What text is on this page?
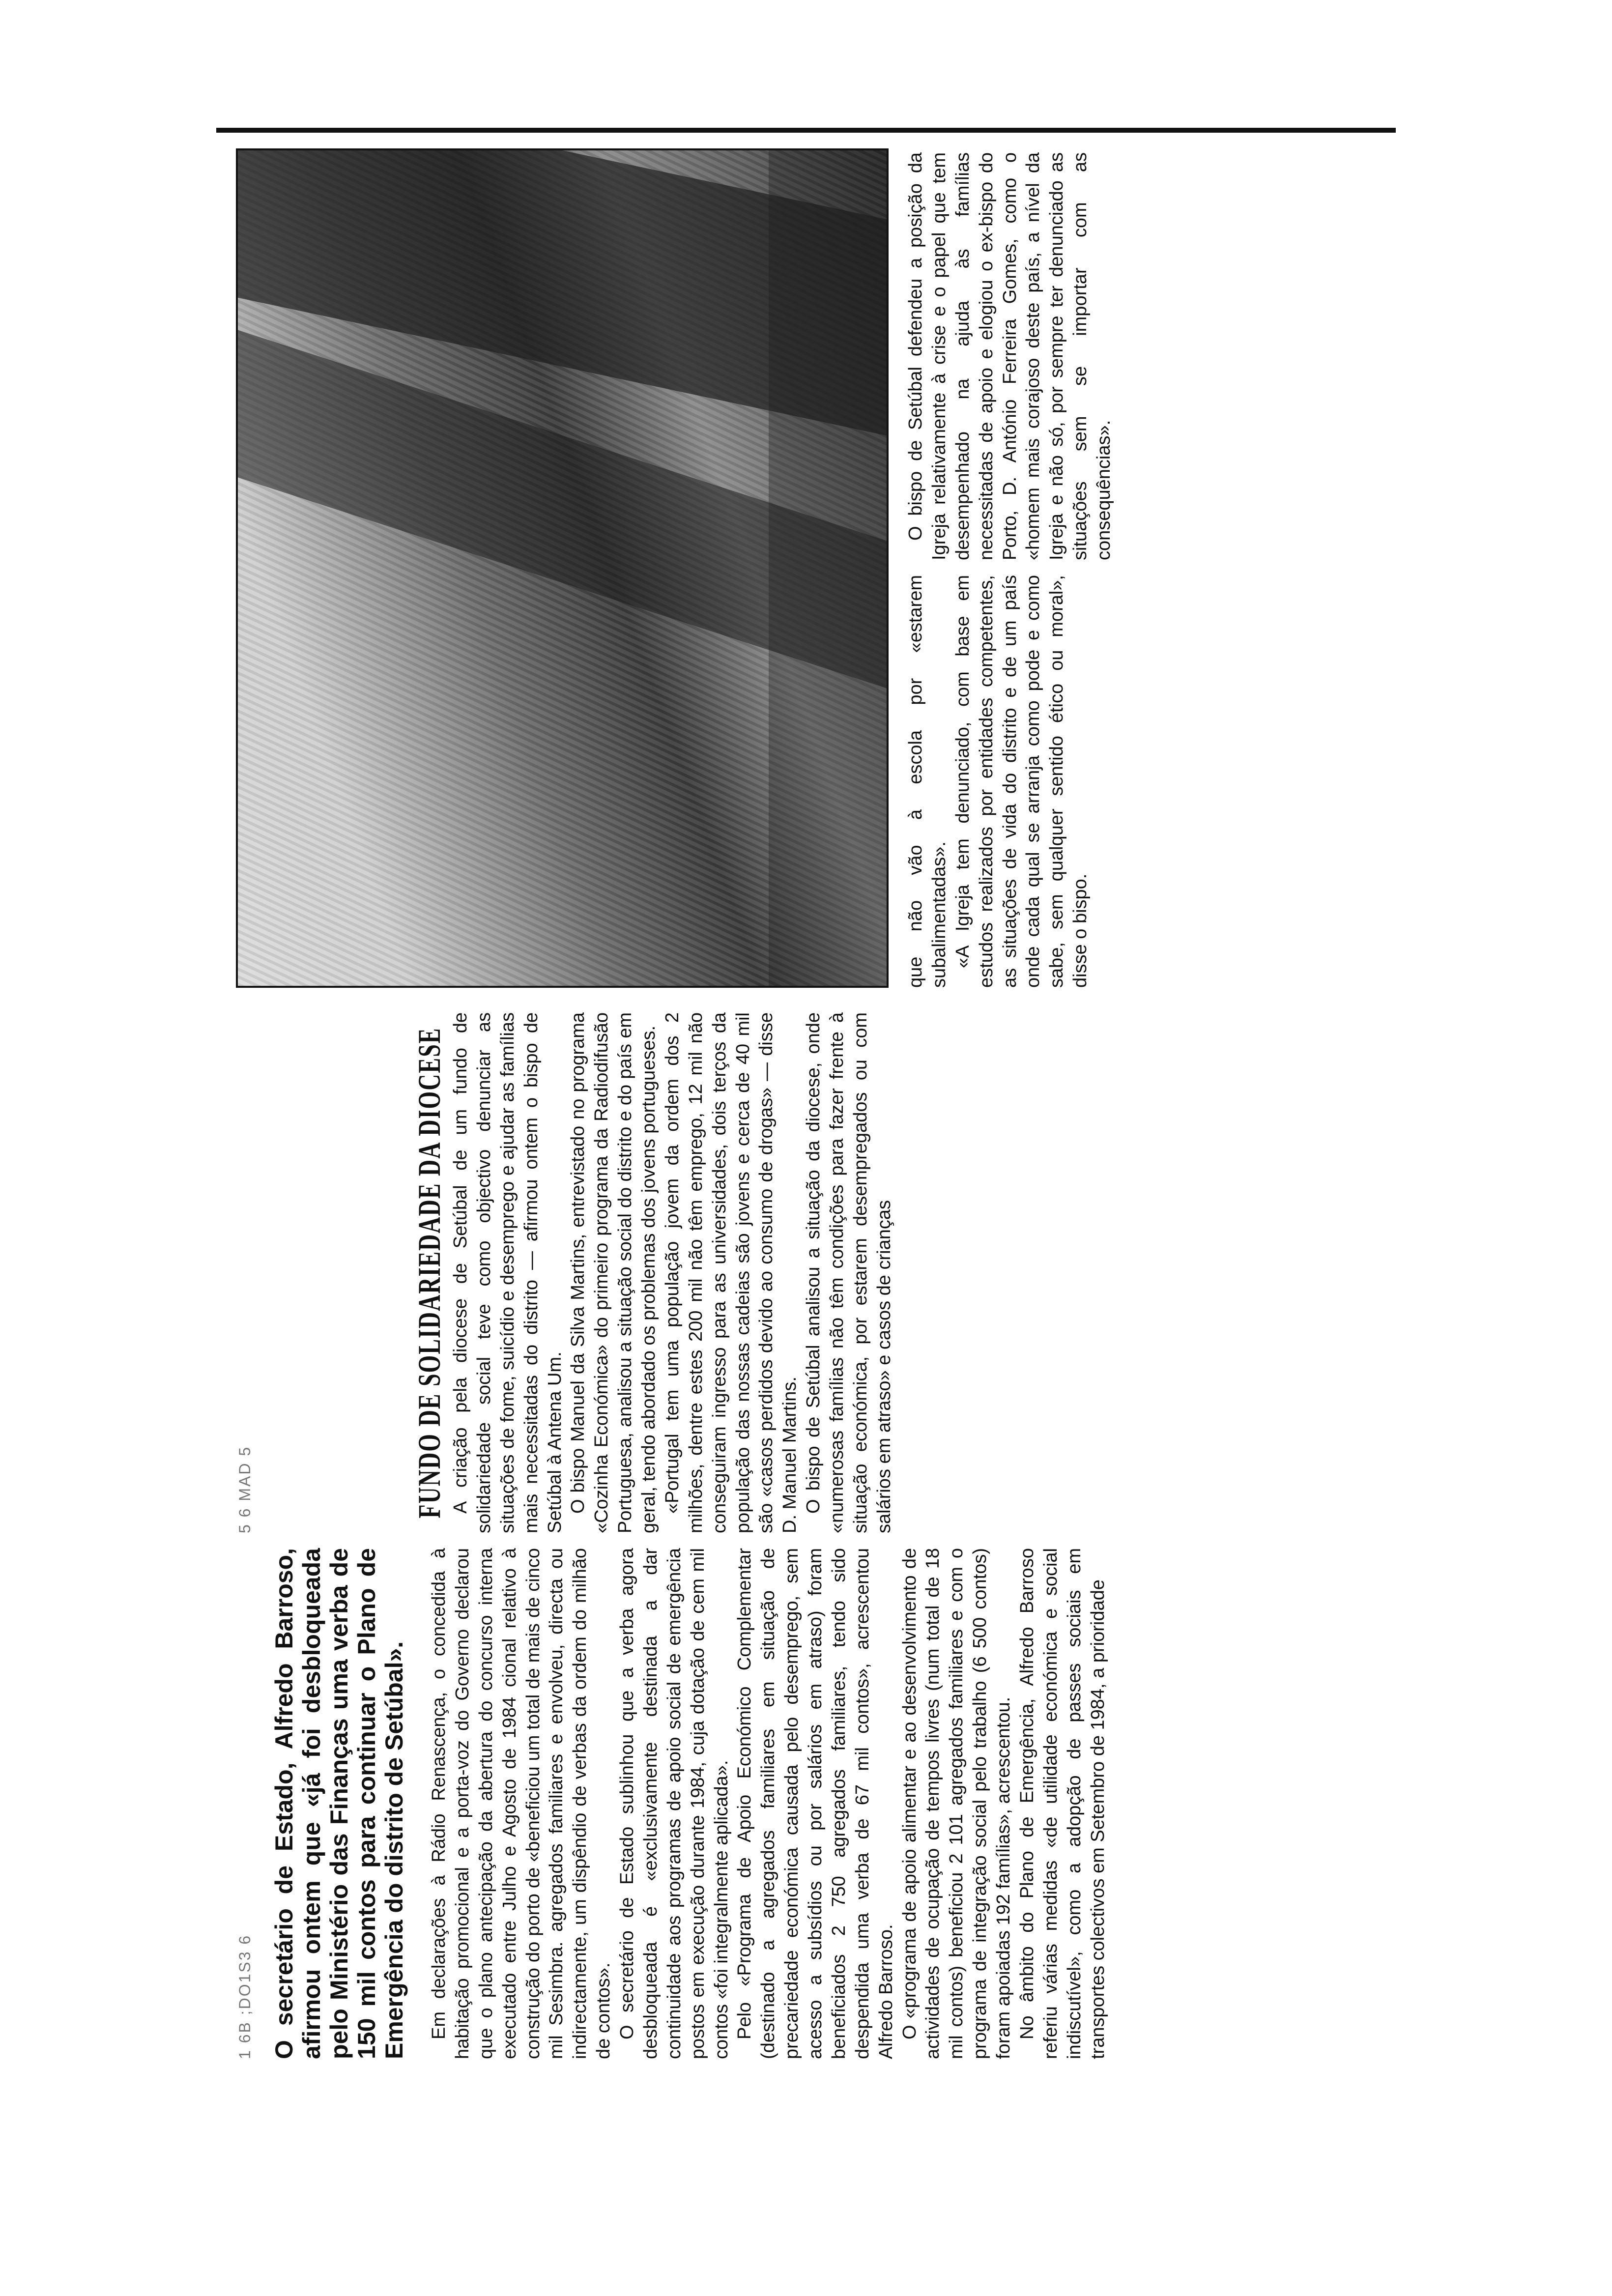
1 6B ;DO1S3 6 O secretário de Estado, Alfredo Barroso, afirmou ontem que «já foi desbloqueada pelo Ministério das Finanças uma verba de 150 mil contos para continuar o Plano de Emergência do distrito de Setúbal». Em declarações à Rádio Renascença, o concedida à habitação promocional e a porta-voz do Governo declarou que o plano antecipação da abertura do concurso interna executado entre Julho e Agosto de 1984 cional relativo à construção do porto de «beneficiou um total de mais de cinco mil Sesimbra. agregados familiares e envolveu, directa ou indirectamente, um dispêndio de verbas da ordem do milhão de contos». O secretário de Estado sublinhou que a verba agora desbloqueada é «exclusivamente destinada a dar continuidade aos programas de apoio social de emergência postos em execução durante 1984, cuja dotação de cem mil contos «foi integralmente aplicada». Pelo «Programa de Apoio Económico Complementar (destinado a agregados familiares em situação de precariedade económica causada pelo desemprego, sem acesso a subsídios ou por salários em atraso) foram beneficiados 2 750 agregados familiares, tendo sido despendida uma verba de 67 mil contos», acrescentou Alfredo Barroso. O «programa de apoio alimentar e ao desenvolvimento de actividades de ocupação de tempos livres (num total de 18 mil contos) beneficiou 2 101 agregados familiares e com o programa de integração social pelo trabalho (6 500 contos) foram apoiadas 192 famílias», acrescentou. No âmbito do Plano de Emergência, Alfredo Barroso referiu várias medidas «de utilidade económica e social indiscutível», como a adopção de passes sociais em transportes colectivos em Setembro de 1984, a prioridade

5 6 MAD 5	FUNDO DE SOLIDARIEDADE DA DIOCESE A criação pela diocese de Setúbal de um fundo de solidariedade social teve como objectivo denunciar as situações de fome, suicídio e desemprego e ajudar as famílias mais necessitadas do distrito — afirmou ontem o bispo de Setúbal à Antena Um. O bispo Manuel da Silva Martins, entrevistado no programa «Cozinha Económica» do primeiro programa da Radiodifusão Portuguesa, analisou a situação social do distrito e do país em geral, tendo abordado os problemas dos jovens portugueses. «Portugal tem uma população jovem da ordem dos 2 milhões, dentre estes 200 mil não têm emprego, 12 mil não conseguiram ingresso para as universidades, dois terços da população das nossas cadeias são jovens e cerca de 40 mil são «casos perdidos devido ao consumo de drogas» — disse D. Manuel Martins. O bispo de Setúbal analisou a situação da diocese, onde «numerosas famílias não têm condições para fazer frente à situação económica, por estarem desempregados ou com salários em atraso» e casos de crianças

que não vão à escola por «estarem subalimentadas». «A Igreja tem denunciado, com base em estudos realizados por entidades competentes, as situações de vida do distrito e de um país onde cada qual se arranja como pode e como sabe, sem qualquer sentido ético ou moral», disse o bispo.

O bispo de Setúbal defendeu a posição da Igreja relativamente à crise e o papel que tem desempenhado na ajuda às famílias necessitadas de apoio e elogiou o ex-bispo do Porto, D. António Ferreira Gomes, como o «homem mais corajoso deste país, a nível da Igreja e não só, por sempre ter denunciado as situações sem se importar com as consequências».
